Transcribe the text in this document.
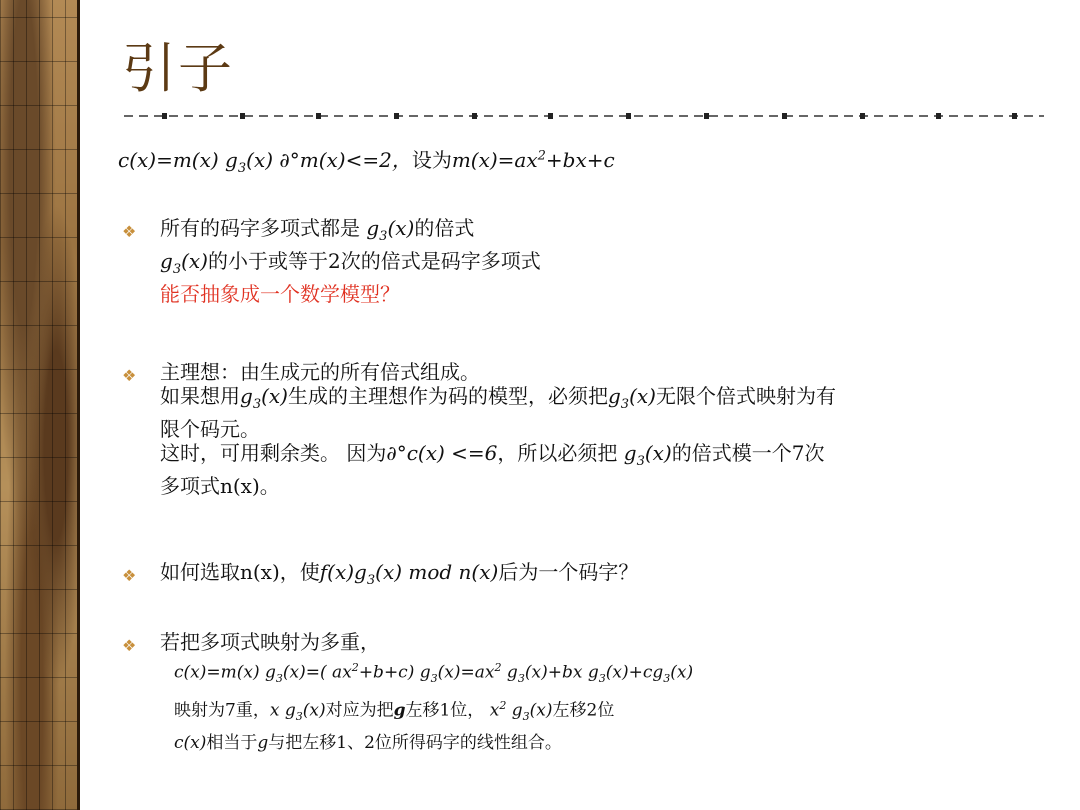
引子
c(x)=m(x) $g_3(x)$ ∂°m(x)<=2，设为$m(x)=ax^2+bx+c$
❖ 所有的码字多项式都是 $g_3(x)$的倍式
$g_3(x)$的小于或等于2次的倍式是码字多项式
能否抽象成一个数学模型？
❖ 主理想：由生成元的所有倍式组成。
如果想用$g_3(x)$生成的主理想作为码的模型，必须把$g_3(x)$无限个倍式映射为有
限个码元。
这时，可用剩余类。 因为∂°c(x) <=6，所以必须把 $g_3(x)$的倍式模一个7次
多项式n(x)。
❖ 如何选取n(x)，使$f(x)g_3(x)$ mod n(x)后为一个码字？
❖ 若把多项式映射为多重，
c(x)=m(x) $g_3(x)=$( $ax^2+b+c$) $g_3(x)=ax^2$ $g_3(x)+bx$ $g_3(x)+cg_3(x)$
映射为7重，x $g_3(x)$对应为把g左移1位， $x^2$ $g_3(x)$左移2位
c(x)相当于g与把左移1、2位所得码字的线性组合。
